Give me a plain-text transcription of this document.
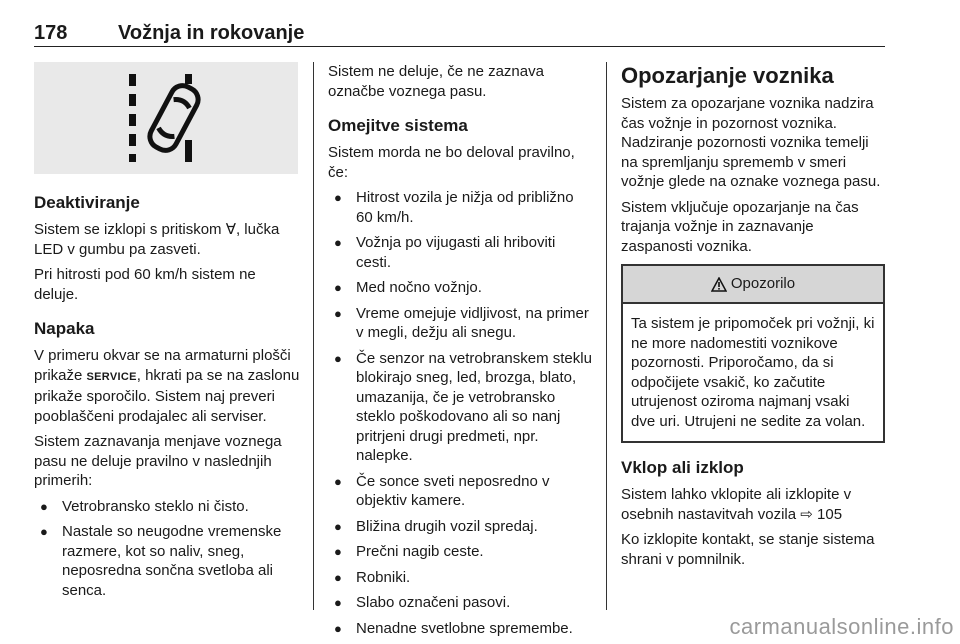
178	Vožnja in rokovanje
Deaktiviranje

Sistem se izklopi s pritiskom ⁠Ɐ⁠, lučka LED v gumbu pa zasveti.

Pri hitrosti pod 60 km/h sistem ne deluje.

Napaka

V primeru okvar se na armaturni plošči prikaže SERVICE, hkrati pa se na zaslonu prikaže sporočilo. Sistem naj preveri pooblaščeni prodajalec ali serviser.

Sistem zaznavanja menjave voznega pasu ne deluje pravilno v naslednjih primerih:

● Vetrobransko steklo ni čisto.
● Nastale so neugodne vremenske razmere, kot so naliv, sneg, neposredna sončna svetloba ali senca.

Sistem ne deluje, če ne zaznava označbe voznega pasu.

Omejitve sistema

Sistem morda ne bo deloval pravilno, če:

● Hitrost vozila je nižja od približno 60 km/h.
● Vožnja po vijugasti ali hriboviti cesti.
● Med nočno vožnjo.
● Vreme omejuje vidljivost, na primer v megli, dežju ali snegu.
● Če senzor na vetrobranskem steklu blokirajo sneg, led, brozga, blato, umazanija, če je vetrobransko steklo poškodovano ali so nanj pritrjeni drugi predmeti, npr. nalepke.
● Če sonce sveti neposredno v objektiv kamere.
● Bližina drugih vozil spredaj.
● Prečni nagib ceste.
● Robniki.
● Slabo označeni pasovi.
● Nenadne svetlobne spremembe.
Opozarjanje voznika

Sistem za opozarjane voznika nadzira čas vožnje in pozornost voznika. Nadziranje pozornosti voznika temelji na spremljanju sprememb v smeri vožnje glede na oznake voznega pasu.

Sistem vključuje opozarjanje na čas trajanja vožnje in zaznavanje zaspanosti voznika.

Opozorilo
Ta sistem je pripomoček pri vožnji, ki ne more nadomestiti voznikove pozornosti. Priporočamo, da si odpočijete vsakič, ko začutite utrujenost oziroma najmanj vsaki dve uri. Utrujeni ne sedite za volan.
Vklop ali izklop

Sistem lahko vklopite ali izklopite v osebnih nastavitvah vozila ⇨ 105

Ko izklopite kontakt, se stanje sistema shrani v pomnilnik.

carmanualsonline.info
